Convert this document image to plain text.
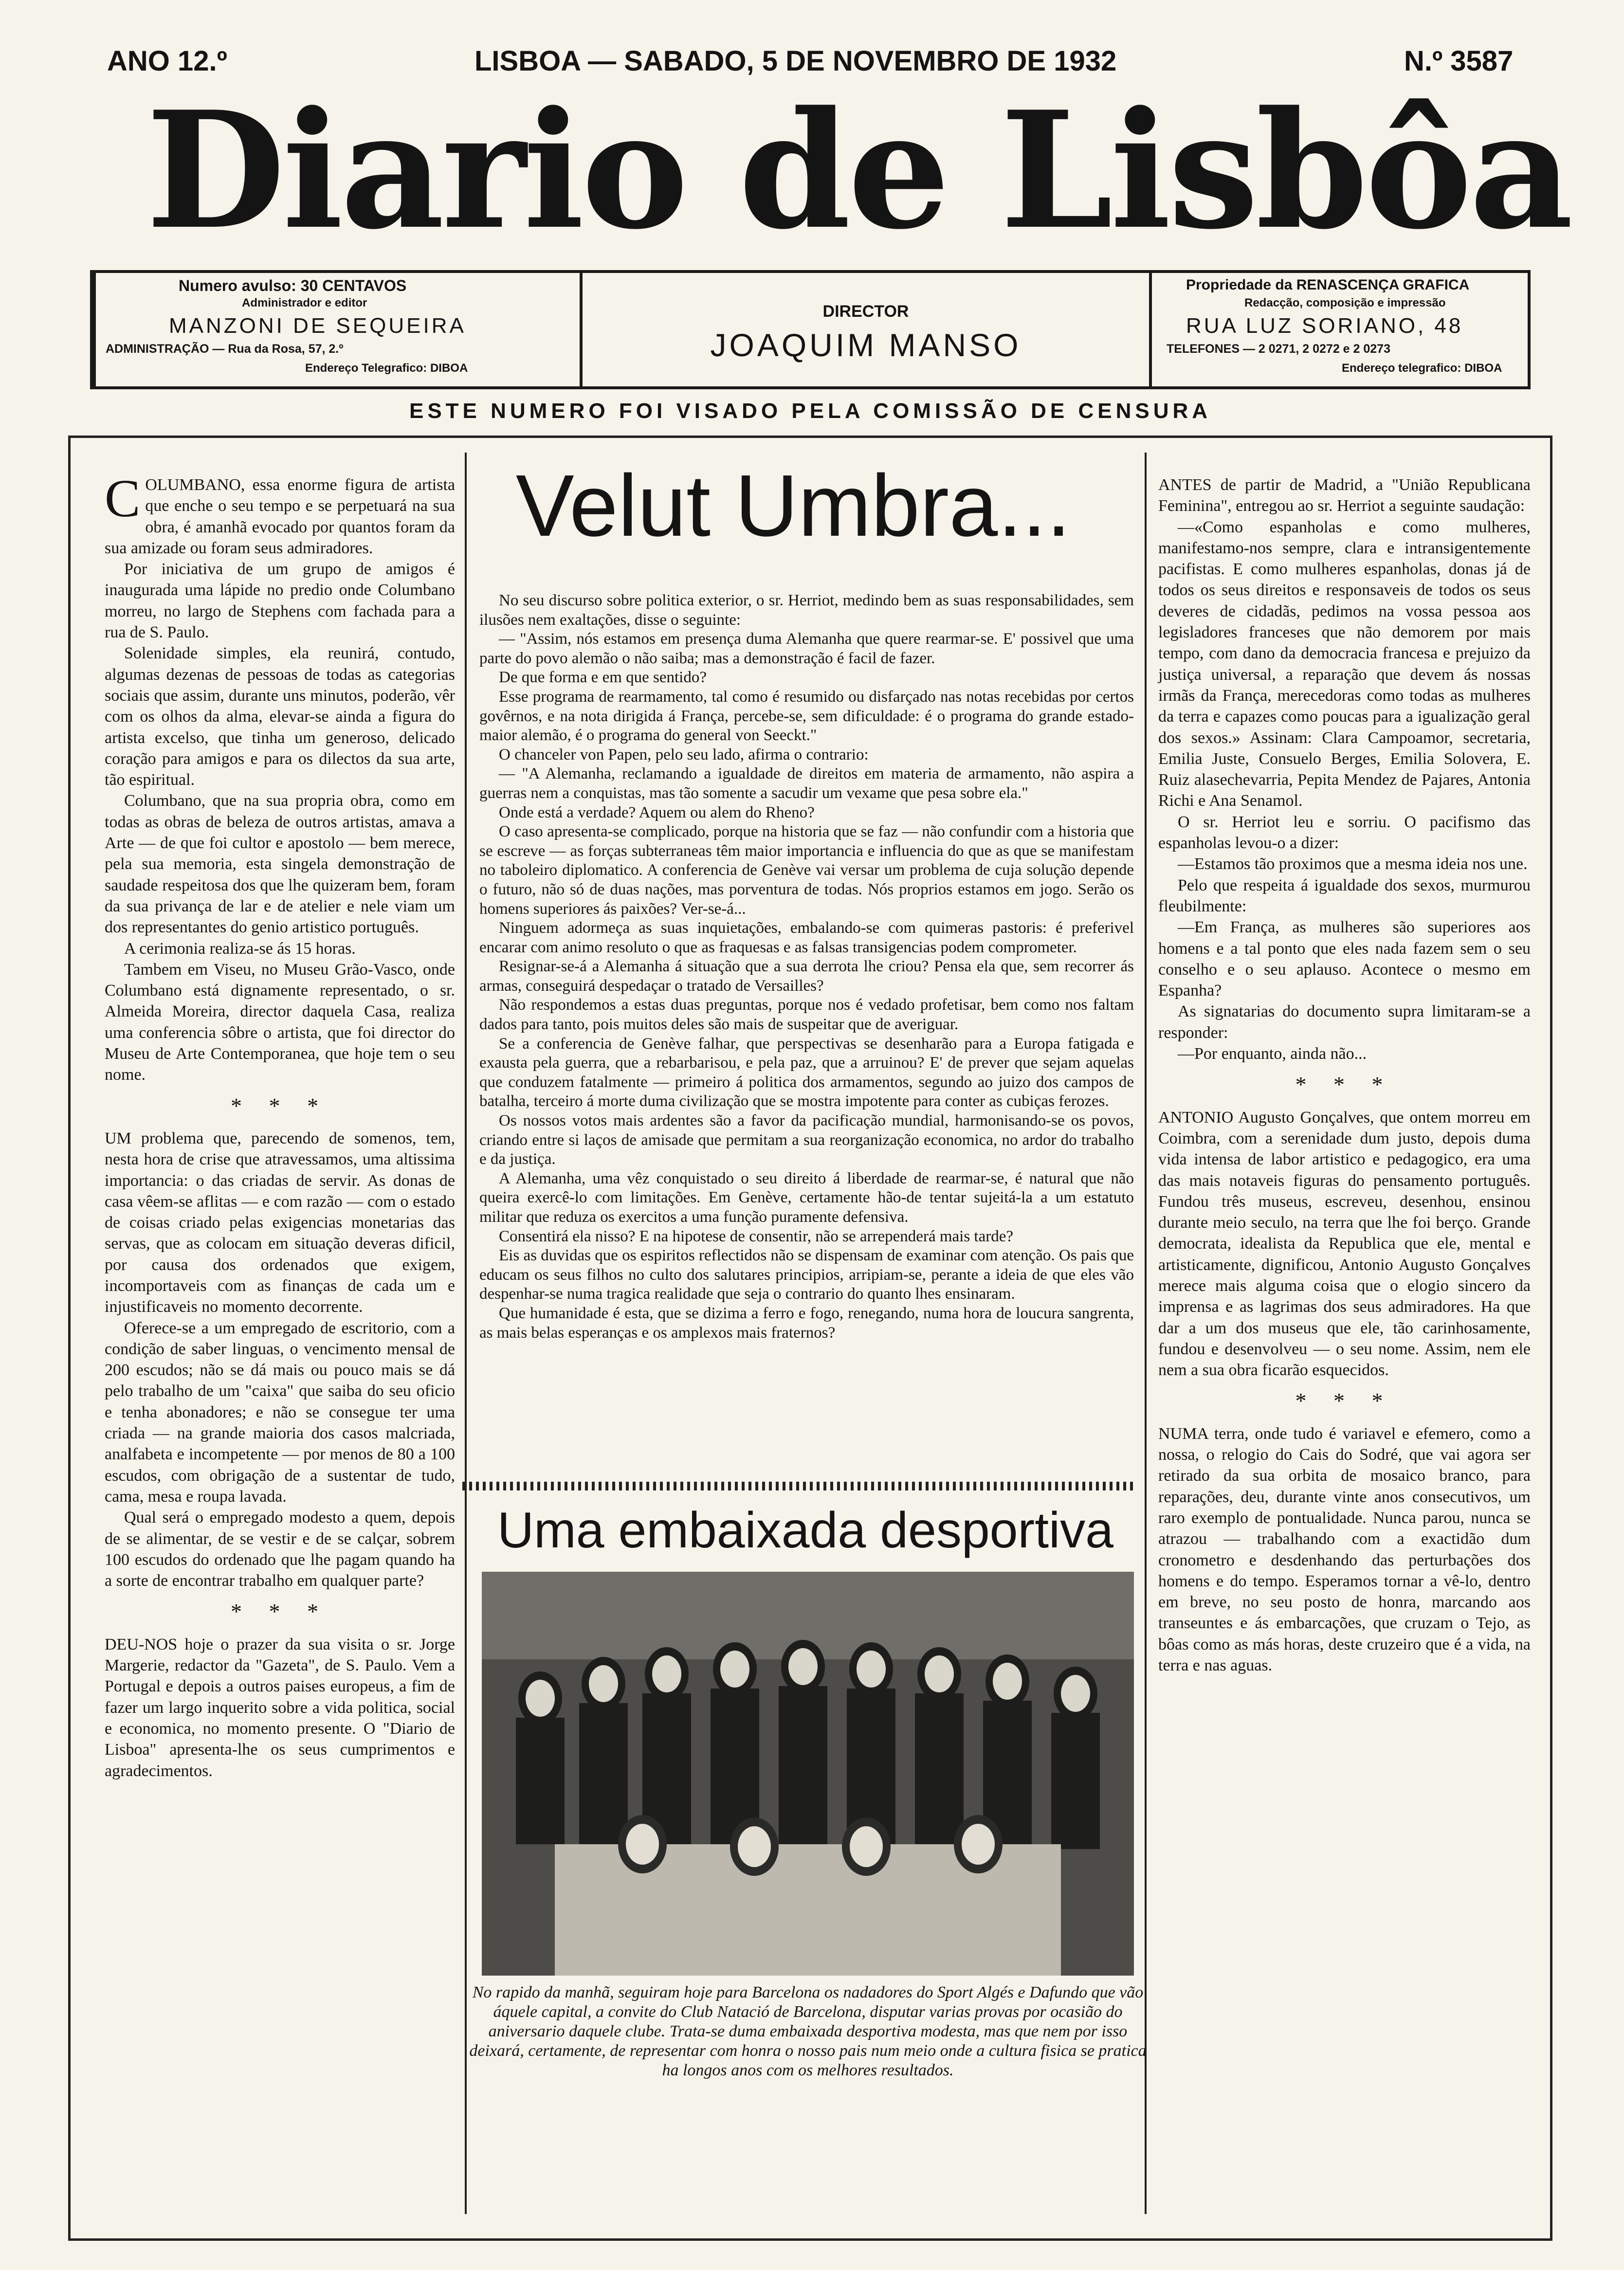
ANO 12.º	LISBOA — SABADO, 5 DE NOVEMBRO DE 1932	N.º 3587
Diario de Lisbôa
Numero avulso: 30 CENTAVOS
Administrador e editor
MANZONI DE SEQUEIRA
ADMINISTRAÇÃO — Rua da Rosa, 57, 2.º
Endereço Telegrafico: DIBOA
DIRECTOR
JOAQUIM MANSO
Propriedade da RENASCENÇA GRAFICA
Redacção, composição e impressão
RUA LUZ SORIANO, 48
TELEFONES — 2 0271, 2 0272 e 2 0273
Endereço telegrafico: DIBOA
ESTE NUMERO FOI VISADO PELA COMISSÃO DE CENSURA

COLUMBANO, essa enorme figura de artista que enche o seu tempo e se perpetuará na sua obra, é amanhã evocado por quantos foram da sua amizade ou foram seus admiradores.

Por iniciativa de um grupo de amigos é inaugurada uma lápide no predio onde Columbano morreu, no largo de Stephens com fachada para a rua de S. Paulo.

Solenidade simples, ela reunirá, contudo, algumas dezenas de pessoas de todas as categorias sociais que assim, durante uns minutos, poderão, vêr com os olhos da alma, elevar-se ainda a figura do artista excelso, que tinha um generoso, delicado coração para amigos e para os dilectos da sua arte, tão espiritual.

Columbano, que na sua propria obra, como em todas as obras de beleza de outros artistas, amava a Arte — de que foi cultor e apostolo — bem merece, pela sua memoria, esta singela demonstração de saudade respeitosa dos que lhe quizeram bem, foram da sua privança de lar e de atelier e nele viam um dos representantes do genio artistico português.

A cerimonia realiza-se ás 15 horas.

Tambem em Viseu, no Museu Grão-Vasco, onde Columbano está dignamente representado, o sr. Almeida Moreira, director daquela Casa, realiza uma conferencia sôbre o artista, que foi director do Museu de Arte Contemporanea, que hoje tem o seu nome.

* * *

UM problema que, parecendo de somenos, tem, nesta hora de crise que atravessamos, uma altissima importancia: o das criadas de servir. As donas de casa vêem-se aflitas — e com razão — com o estado de coisas criado pelas exigencias monetarias das servas, que as colocam em situação deveras dificil, por causa dos ordenados que exigem, incomportaveis com as finanças de cada um e injustificaveis no momento decorrente.

Oferece-se a um empregado de escritorio, com a condição de saber linguas, o vencimento mensal de 200 escudos; não se dá mais ou pouco mais se dá pelo trabalho de um "caixa" que saiba do seu oficio e tenha abonadores; e não se consegue ter uma criada — na grande maioria dos casos malcriada, analfabeta e incompetente — por menos de 80 a 100 escudos, com obrigação de a sustentar de tudo, cama, mesa e roupa lavada.

Qual será o empregado modesto a quem, depois de se alimentar, de se vestir e de se calçar, sobrem 100 escudos do ordenado que lhe pagam quando ha a sorte de encontrar trabalho em qualquer parte?

* * *

DEU-NOS hoje o prazer da sua visita o sr. Jorge Margerie, redactor da "Gazeta", de S. Paulo. Vem a Portugal e depois a outros paises europeus, a fim de fazer um largo inquerito sobre a vida politica, social e economica, no momento presente. O "Diario de Lisboa" apresenta-lhe os seus cumprimentos e agradecimentos.

Velut Umbra...

No seu discurso sobre politica exterior, o sr. Herriot, medindo bem as suas responsabilidades, sem ilusões nem exaltações, disse o seguinte:

— "Assim, nós estamos em presença duma Alemanha que quere rearmar-se. E' possivel que uma parte do povo alemão o não saiba; mas a demonstração é facil de fazer.

De que forma e em que sentido?

Esse programa de rearmamento, tal como é resumido ou disfarçado nas notas recebidas por certos govêrnos, e na nota dirigida á França, percebe-se, sem dificuldade: é o programa do grande estado-maior alemão, é o programa do general von Seeckt."

O chanceler von Papen, pelo seu lado, afirma o contrario:

— "A Alemanha, reclamando a igualdade de direitos em materia de armamento, não aspira a guerras nem a conquistas, mas tão somente a sacudir um vexame que pesa sobre ela."

Onde está a verdade? Aquem ou alem do Rheno?

O caso apresenta-se complicado, porque na historia que se faz — não confundir com a historia que se escreve — as forças subterraneas têm maior importancia e influencia do que as que se manifestam no taboleiro diplomatico. A conferencia de Genève vai versar um problema de cuja solução depende o futuro, não só de duas nações, mas porventura de todas. Nós proprios estamos em jogo. Serão os homens superiores ás paixões? Ver-se-á...

Ninguem adormeça as suas inquietações, embalando-se com quimeras pastoris: é preferivel encarar com animo resoluto o que as fraquesas e as falsas transigencias podem comprometer.

Resignar-se-á a Alemanha á situação que a sua derrota lhe criou? Pensa ela que, sem recorrer ás armas, conseguirá despedaçar o tratado de Versailles?

Não respondemos a estas duas preguntas, porque nos é vedado profetisar, bem como nos faltam dados para tanto, pois muitos deles são mais de suspeitar que de averiguar.

Se a conferencia de Genève falhar, que perspectivas se desenharão para a Europa fatigada e exausta pela guerra, que a rebarbarisou, e pela paz, que a arruinou? E' de prever que sejam aquelas que conduzem fatalmente — primeiro á politica dos armamentos, segundo ao juizo dos campos de batalha, terceiro á morte duma civilização que se mostra impotente para conter as cubiças ferozes.

Os nossos votos mais ardentes são a favor da pacificação mundial, harmonisando-se os povos, criando entre si laços de amisade que permitam a sua reorganização economica, no ardor do trabalho e da justiça.

A Alemanha, uma vêz conquistado o seu direito á liberdade de rearmar-se, é natural que não queira exercê-lo com limitações. Em Genève, certamente hão-de tentar sujeitá-la a um estatuto militar que reduza os exercitos a uma função puramente defensiva.

Consentirá ela nisso? E na hipotese de consentir, não se arrependerá mais tarde?

Eis as duvidas que os espiritos reflectidos não se dispensam de examinar com atenção. Os pais que educam os seus filhos no culto dos salutares principios, arripiam-se, perante a ideia de que eles vão despenhar-se numa tragica realidade que seja o contrario do quanto lhes ensinaram.

Que humanidade é esta, que se dizima a ferro e fogo, renegando, numa hora de loucura sangrenta, as mais belas esperanças e os amplexos mais fraternos?

Uma embaixada desportiva
No rapido da manhã, seguiram hoje para Barcelona os nadadores do Sport Algés e Dafundo que vão áquele capital, a convite do Club Natació de Barcelona, disputar varias provas por ocasião do aniversario daquele clube. Trata-se duma embaixada desportiva modesta, mas que nem por isso deixará, certamente, de representar com honra o nosso pais num meio onde a cultura fisica se pratica ha longos anos com os melhores resultados.

ANTES de partir de Madrid, a "União Republicana Feminina", entregou ao sr. Herriot a seguinte saudação:

—«Como espanholas e como mulheres, manifestamo-nos sempre, clara e intransigentemente pacifistas. E como mulheres espanholas, donas já de todos os seus direitos e responsaveis de todos os seus deveres de cidadãs, pedimos na vossa pessoa aos legisladores franceses que não demorem por mais tempo, com dano da democracia francesa e prejuizo da justiça universal, a reparação que devem ás nossas irmãs da França, merecedoras como todas as mulheres da terra e capazes como poucas para a igualização geral dos sexos.» Assinam: Clara Campoamor, secretaria, Emilia Juste, Consuelo Berges, Emilia Solovera, E. Ruiz alasechevarria, Pepita Mendez de Pajares, Antonia Richi e Ana Senamol.

O sr. Herriot leu e sorriu. O pacifismo das espanholas levou-o a dizer:

—Estamos tão proximos que a mesma ideia nos une.

Pelo que respeita á igualdade dos sexos, murmurou fleubilmente:

—Em França, as mulheres são superiores aos homens e a tal ponto que eles nada fazem sem o seu conselho e o seu aplauso. Acontece o mesmo em Espanha?

As signatarias do documento supra limitaram-se a responder:

—Por enquanto, ainda não...

* * *

ANTONIO Augusto Gonçalves, que ontem morreu em Coimbra, com a serenidade dum justo, depois duma vida intensa de labor artistico e pedagogico, era uma das mais notaveis figuras do pensamento português. Fundou três museus, escreveu, desenhou, ensinou durante meio seculo, na terra que lhe foi berço. Grande democrata, idealista da Republica que ele, mental e artisticamente, dignificou, Antonio Augusto Gonçalves merece mais alguma coisa que o elogio sincero da imprensa e as lagrimas dos seus admiradores. Ha que dar a um dos museus que ele, tão carinhosamente, fundou e desenvolveu — o seu nome. Assim, nem ele nem a sua obra ficarão esquecidos.

* * *

NUMA terra, onde tudo é variavel e efemero, como a nossa, o relogio do Cais do Sodré, que vai agora ser retirado da sua orbita de mosaico branco, para reparações, deu, durante vinte anos consecutivos, um raro exemplo de pontualidade. Nunca parou, nunca se atrazou — trabalhando com a exactidão dum cronometro e desdenhando das perturbações dos homens e do tempo. Esperamos tornar a vê-lo, dentro em breve, no seu posto de honra, marcando aos transeuntes e ás embarcações, que cruzam o Tejo, as bôas como as más horas, deste cruzeiro que é a vida, na terra e nas aguas.
